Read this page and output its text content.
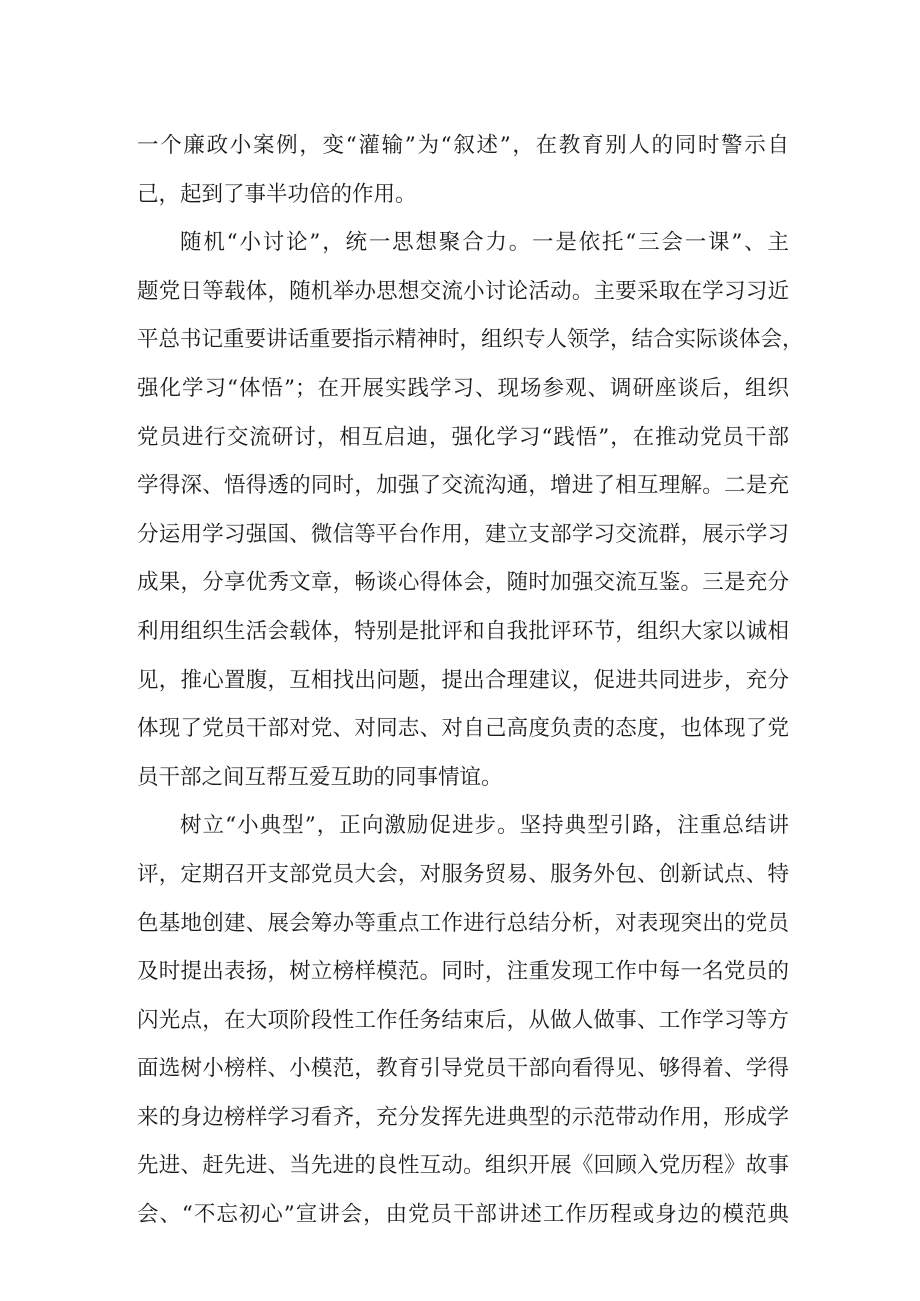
一个廉政小案例，变“灌输”为“叙述”，在教育别人的同时警示自
己，起到了事半功倍的作用。
随机“小讨论”，统一思想聚合力。一是依托“三会一课”、主
题党日等载体，随机举办思想交流小讨论活动。主要采取在学习习近
平总书记重要讲话重要指示精神时，组织专人领学，结合实际谈体会，
强化学习“体悟”；在开展实践学习、现场参观、调研座谈后，组织
党员进行交流研讨，相互启迪，强化学习“践悟”，在推动党员干部
学得深、悟得透的同时，加强了交流沟通，增进了相互理解。二是充
分运用学习强国、微信等平台作用，建立支部学习交流群，展示学习
成果，分享优秀文章，畅谈心得体会，随时加强交流互鉴。三是充分
利用组织生活会载体，特别是批评和自我批评环节，组织大家以诚相
见，推心置腹，互相找出问题，提出合理建议，促进共同进步，充分
体现了党员干部对党、对同志、对自己高度负责的态度，也体现了党
员干部之间互帮互爱互助的同事情谊。
树立“小典型”，正向激励促进步。坚持典型引路，注重总结讲
评，定期召开支部党员大会，对服务贸易、服务外包、创新试点、特
色基地创建、展会筹办等重点工作进行总结分析，对表现突出的党员
及时提出表扬，树立榜样模范。同时，注重发现工作中每一名党员的
闪光点，在大项阶段性工作任务结束后，从做人做事、工作学习等方
面选树小榜样、小模范，教育引导党员干部向看得见、够得着、学得
来的身边榜样学习看齐，充分发挥先进典型的示范带动作用，形成学
先进、赶先进、当先进的良性互动。组织开展《回顾入党历程》故事
会、“不忘初心”宣讲会，由党员干部讲述工作历程或身边的模范典
